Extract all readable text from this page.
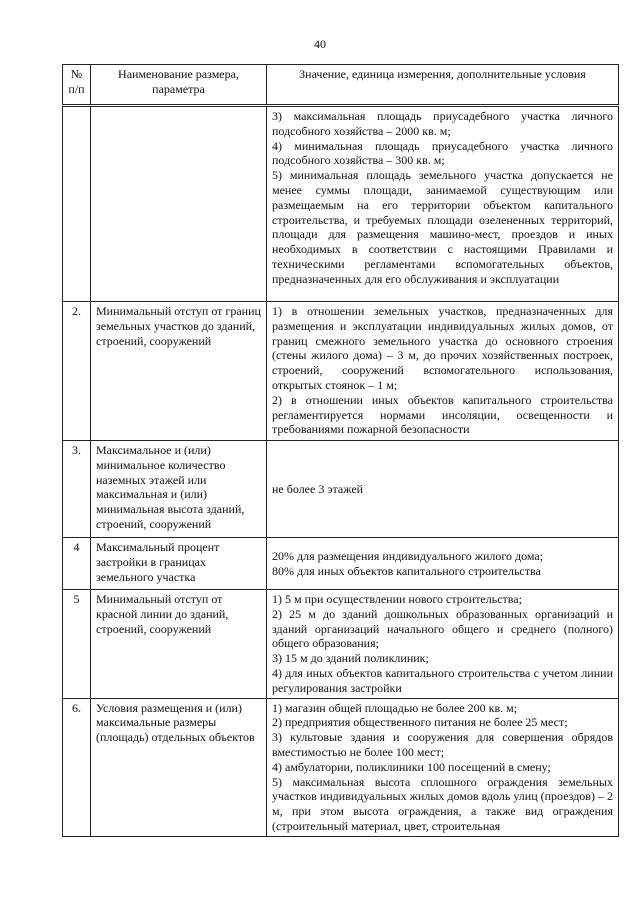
40
№ п/п	Наименование размера, параметра	Значение, единица измерения, дополнительные условия

		3) максимальная площадь приусадебного участка личного подсобного хозяйства – 2000 кв. м;
4) минимальная площадь приусадебного участка личного подсобного хозяйства – 300 кв. м;
5) минимальная площадь земельного участка допускается не менее суммы площади, занимаемой существующим или размещаемым на его территории объектом капитального строительства, и требуемых площади озелененных территорий, площади для размещения машино-мест, проездов и иных необходимых в соответствии с настоящими Правилами и техническими регламентами вспомогательных объектов, предназначенных для его обслуживания и эксплуатации

2.	Минимальный отступ от границ земельных участков до зданий, строений, сооружений	1) в отношении земельных участков, предназначенных для размещения и эксплуатации индивидуальных жилых домов, от границ смежного земельного участка до основного строения (стены жилого дома) – 3 м, до прочих хозяйственных построек, строений, сооружений вспомогательного использования, открытых стоянок – 1 м;
2) в отношении иных объектов капитального строительства регламентируется нормами инсоляции, освещенности и требованиями пожарной безопасности

3.	Максимальное и (или) минимальное количество наземных этажей или максимальная и (или) минимальная высота зданий, строений, сооружений	не более 3 этажей

4	Максимальный процент застройки в границах земельного участка	20% для размещения индивидуального жилого дома;
80% для иных объектов капитального строительства

5	Минимальный отступ от красной линии до зданий, строений, сооружений	1) 5 м при осуществлении нового строительства;
2) 25 м до зданий дошкольных образованных организаций и зданий организаций начального общего и среднего (полного) общего образования;
3) 15 м до зданий поликлиник;
4) для иных объектов капитального строительства с учетом линии регулирования застройки

6.	Условия размещения и (или) максимальные размеры (площадь) отдельных объектов	1) магазин общей площадью не более 200 кв. м;
2) предприятия общественного питания не более 25 мест;
3) культовые здания и сооружения для совершения обрядов вместимостью не более 100 мест;
4) амбулатории, поликлиники 100 посещений в смену;
5) максимальная высота сплошного ограждения земельных участков индивидуальных жилых домов вдоль улиц (проездов) – 2 м, при этом высота ограждения, а также вид ограждения (строительный материал, цвет, строительная
